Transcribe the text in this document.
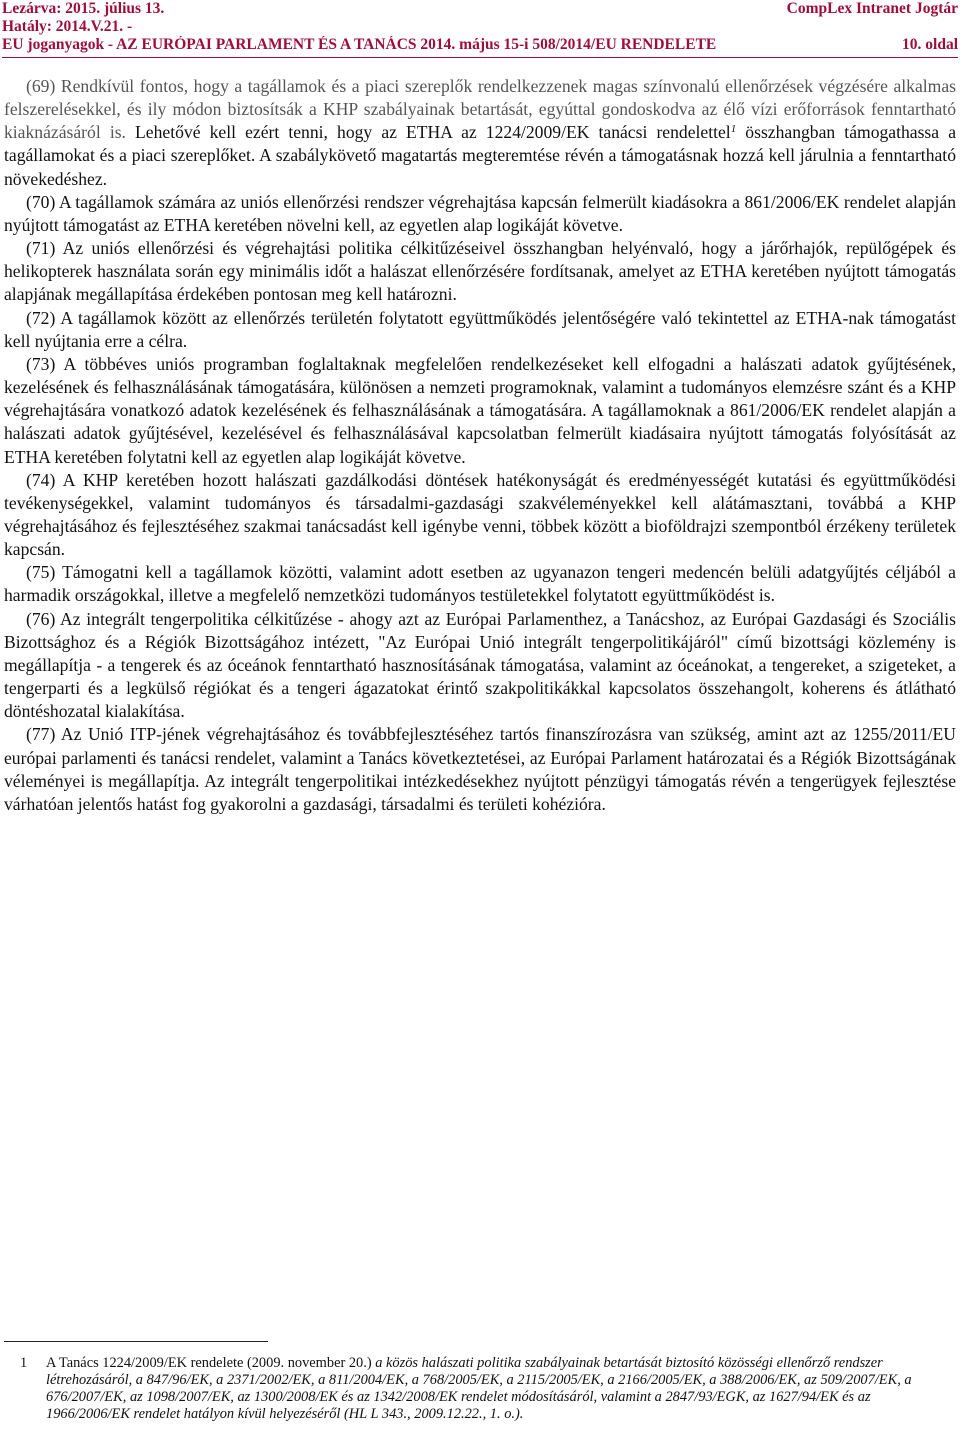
Lezárva: 2015. július 13.
Hatály: 2014.V.21. -
EU joganyagok - AZ EURÓPAI PARLAMENT ÉS A TANÁCS 2014. május 15-i 508/2014/EU RENDELETE
CompLex Intranet Jogtár
10. oldal

(69) Rendkívül fontos, hogy a tagállamok és a piaci szereplők rendelkezzenek magas színvonalú ellenőrzések végzésére alkalmas felszerelésekkel, és ily módon biztosítsák a KHP szabályainak betartását, egyúttal gondoskodva az élő vízi erőforrások fenntartható kiaknázásáról is. Lehetővé kell ezért tenni, hogy az ETHA az 1224/2009/EK tanácsi rendelettel$^1$ összhangban támogathassa a tagállamokat és a piaci szereplőket. A szabálykövető magatartás megteremtése révén a támogatásnak hozzá kell járulnia a fenntartható növekedéshez.

(70) A tagállamok számára az uniós ellenőrzési rendszer végrehajtása kapcsán felmerült kiadásokra a 861/2006/EK rendelet alapján nyújtott támogatást az ETHA keretében növelni kell, az egyetlen alap logikáját követve.

(71) Az uniós ellenőrzési és végrehajtási politika célkitűzéseivel összhangban helyénvaló, hogy a járőrhajók, repülőgépek és helikopterek használata során egy minimális időt a halászat ellenőrzésére fordítsanak, amelyet az ETHA keretében nyújtott támogatás alapjának megállapítása érdekében pontosan meg kell határozni.

(72) A tagállamok között az ellenőrzés területén folytatott együttműködés jelentőségére való tekintettel az ETHA-nak támogatást kell nyújtania erre a célra.

(73) A többéves uniós programban foglaltaknak megfelelően rendelkezéseket kell elfogadni a halászati adatok gyűjtésének, kezelésének és felhasználásának támogatására, különösen a nemzeti programoknak, valamint a tudományos elemzésre szánt és a KHP végrehajtására vonatkozó adatok kezelésének és felhasználásának a támogatására. A tagállamoknak a 861/2006/EK rendelet alapján a halászati adatok gyűjtésével, kezelésével és felhasználásával kapcsolatban felmerült kiadásaira nyújtott támogatás folyósítását az ETHA keretében folytatni kell az egyetlen alap logikáját követve.

(74) A KHP keretében hozott halászati gazdálkodási döntések hatékonyságát és eredményességét kutatási és együttműködési tevékenységekkel, valamint tudományos és társadalmi-gazdasági szakvéleményekkel kell alátámasztani, továbbá a KHP végrehajtásához és fejlesztéséhez szakmai tanácsadást kell igénybe venni, többek között a bioföldrajzi szempontból érzékeny területek kapcsán.

(75) Támogatni kell a tagállamok közötti, valamint adott esetben az ugyanazon tengeri medencén belüli adatgyűjtés céljából a harmadik országokkal, illetve a megfelelő nemzetközi tudományos testületekkel folytatott együttműködést is.

(76) Az integrált tengerpolitika célkitűzése - ahogy azt az Európai Parlamenthez, a Tanácshoz, az Európai Gazdasági és Szociális Bizottsághoz és a Régiók Bizottságához intézett, "Az Európai Unió integrált tengerpolitikájáról" című bizottsági közlemény is megállapítja - a tengerek és az óceánok fenntartható hasznosításának támogatása, valamint az óceánokat, a tengereket, a szigeteket, a tengerparti és a legkülső régiókat és a tengeri ágazatokat érintő szakpolitikákkal kapcsolatos összehangolt, koherens és átlátható döntéshozatal kialakítása.

(77) Az Unió ITP-jének végrehajtásához és továbbfejlesztéséhez tartós finanszírozásra van szükség, amint azt az 1255/2011/EU európai parlamenti és tanácsi rendelet, valamint a Tanács következtetései, az Európai Parlament határozatai és a Régiók Bizottságának véleményei is megállapítja. Az integrált tengerpolitikai intézkedésekhez nyújtott pénzügyi támogatás révén a tengerügyek fejlesztése várhatóan jelentős hatást fog gyakorolni a gazdasági, társadalmi és területi kohézióra.

1	A Tanács 1224/2009/EK rendelete (2009. november 20.) a közös halászati politika szabályainak betartását biztosító közösségi ellenőrző rendszer létrehozásáról, a 847/96/EK, a 2371/2002/EK, a 811/2004/EK, a 768/2005/EK, a 2115/2005/EK, a 2166/2005/EK, a 388/2006/EK, az 509/2007/EK, a 676/2007/EK, az 1098/2007/EK, az 1300/2008/EK és az 1342/2008/EK rendelet módosításáról, valamint a 2847/93/EGK, az 1627/94/EK és az 1966/2006/EK rendelet hatályon kívül helyezéséről (HL L 343., 2009.12.22., 1. o.).
